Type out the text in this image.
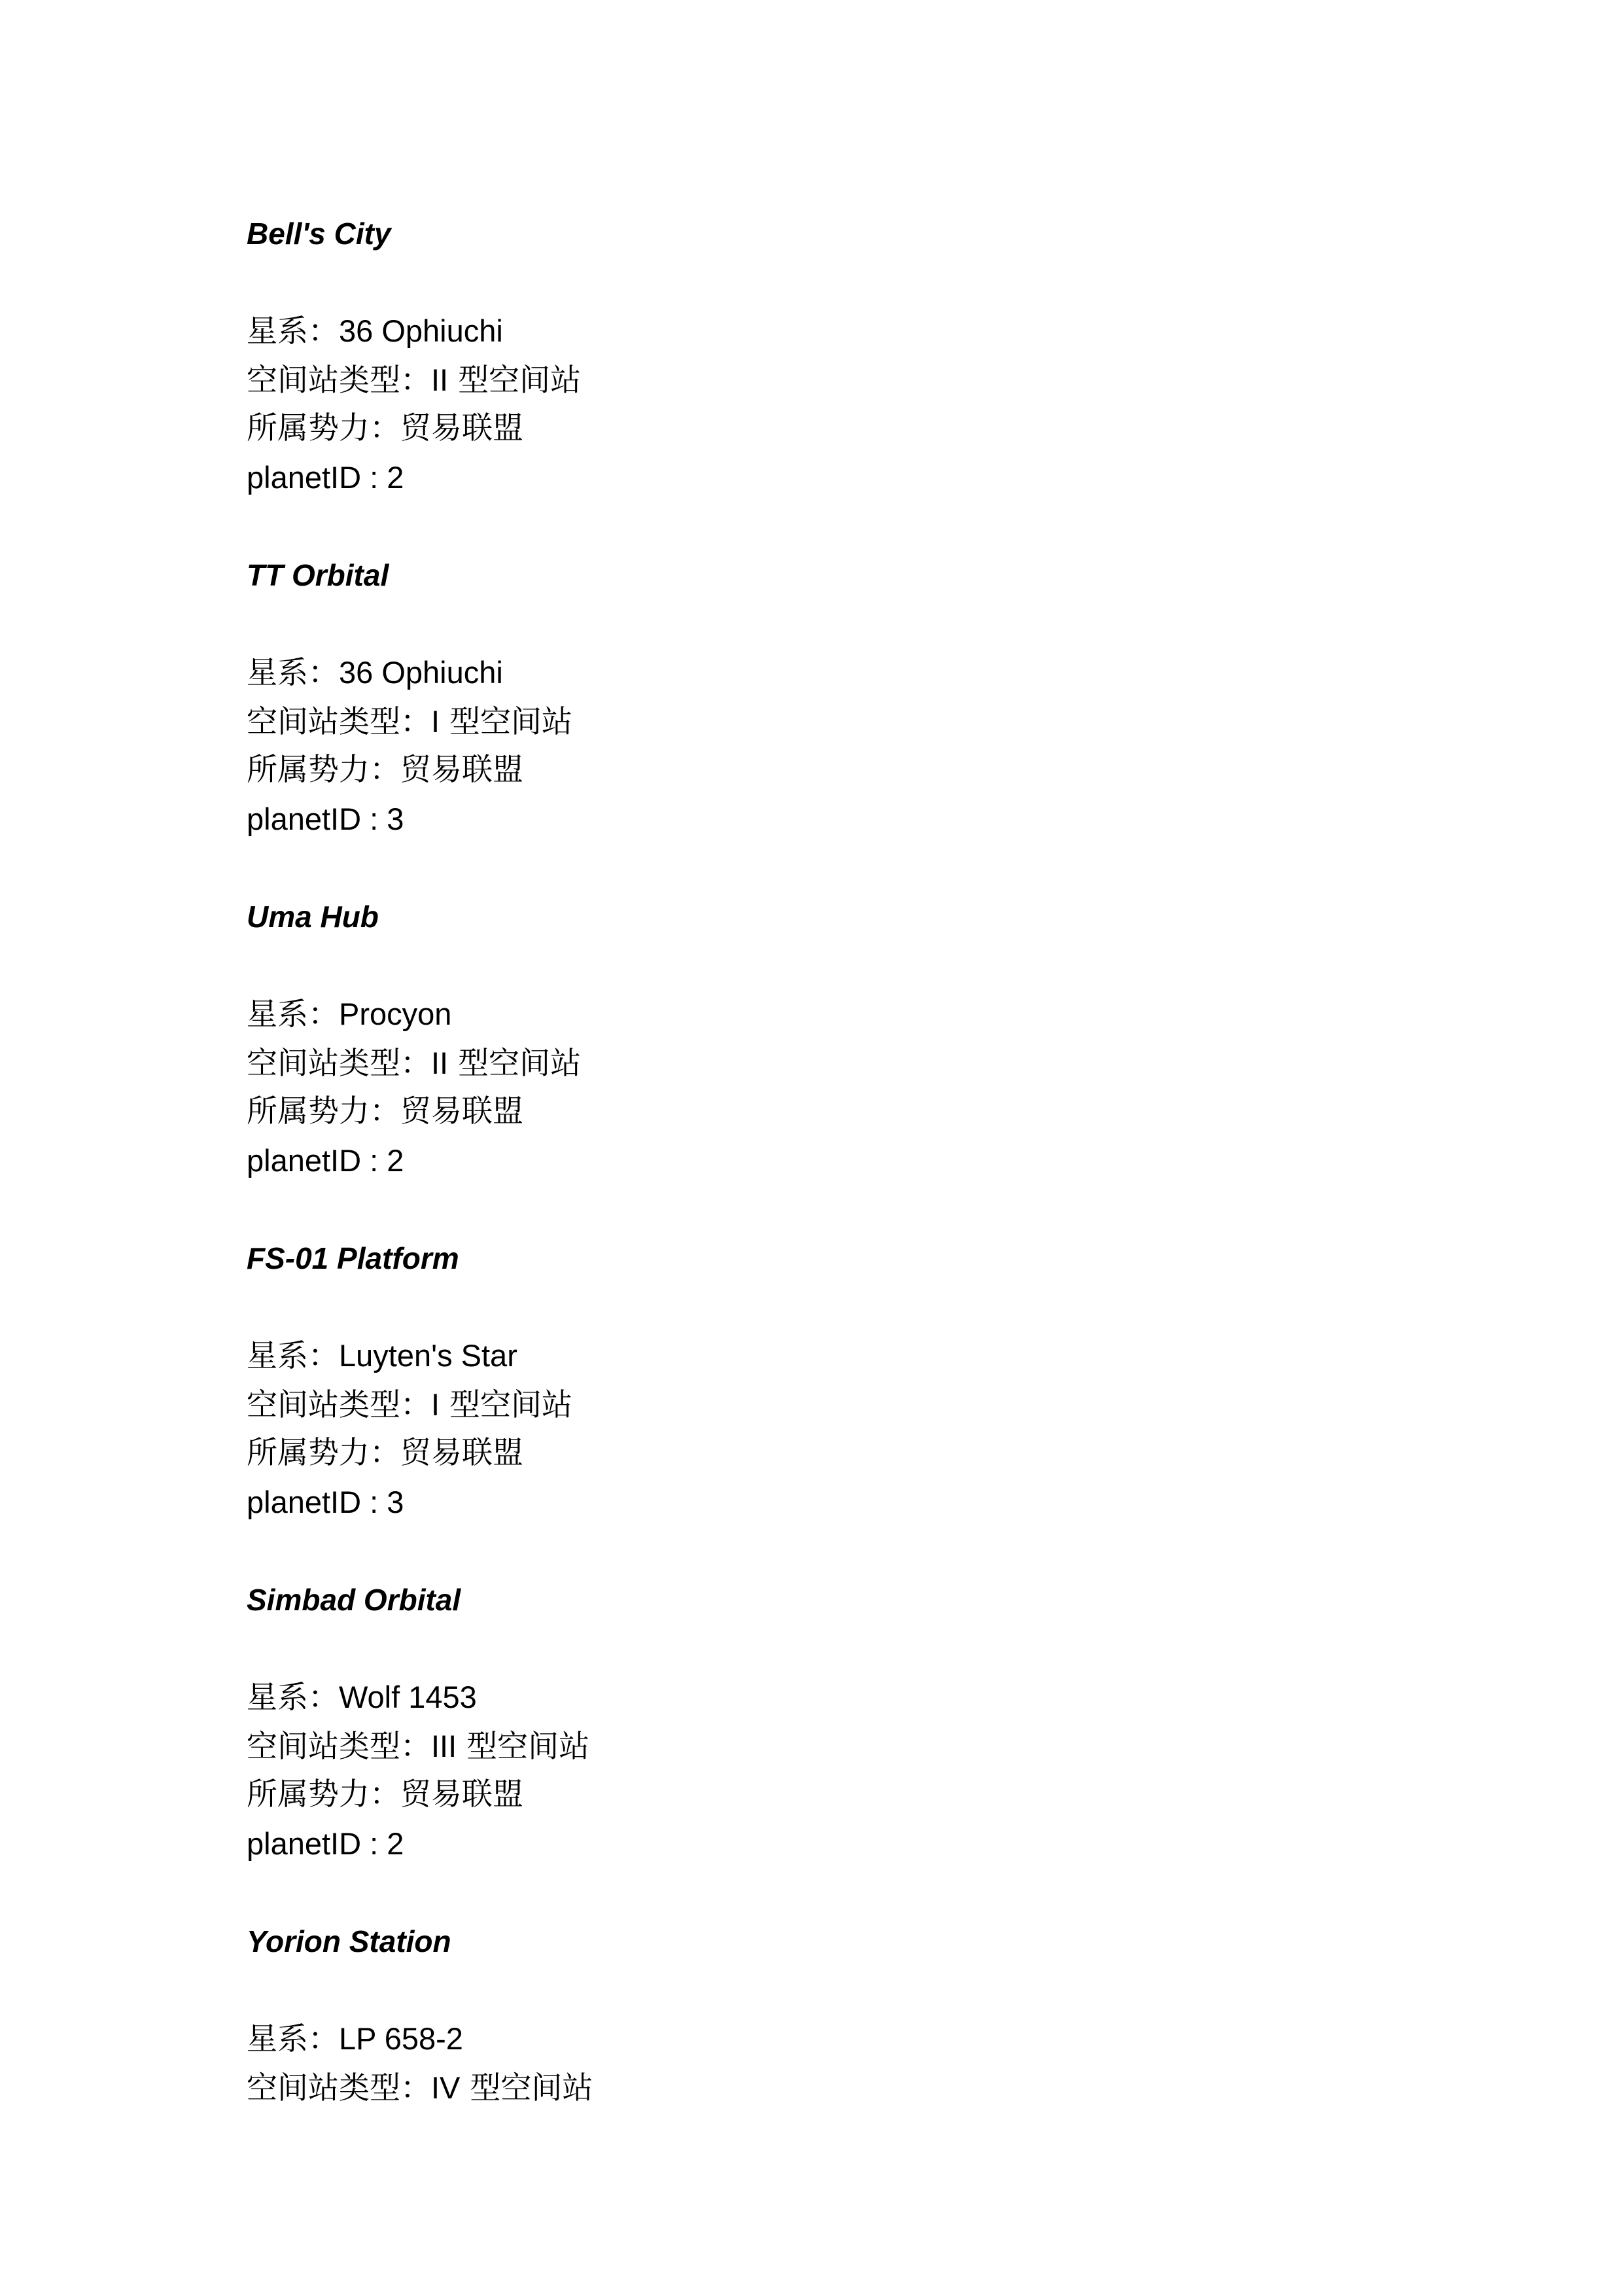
Bell's City
星系：36 Ophiuchi
空间站类型：II 型空间站
所属势力：贸易联盟
planetID : 2
TT Orbital
星系：36 Ophiuchi
空间站类型：I 型空间站
所属势力：贸易联盟
planetID : 3
Uma Hub
星系：Procyon
空间站类型：II 型空间站
所属势力：贸易联盟
planetID : 2
FS-01 Platform
星系：Luyten's Star
空间站类型：I 型空间站
所属势力：贸易联盟
planetID : 3
Simbad Orbital
星系：Wolf 1453
空间站类型：III 型空间站
所属势力：贸易联盟
planetID : 2
Yorion Station
星系：LP 658-2
空间站类型：IV 型空间站
